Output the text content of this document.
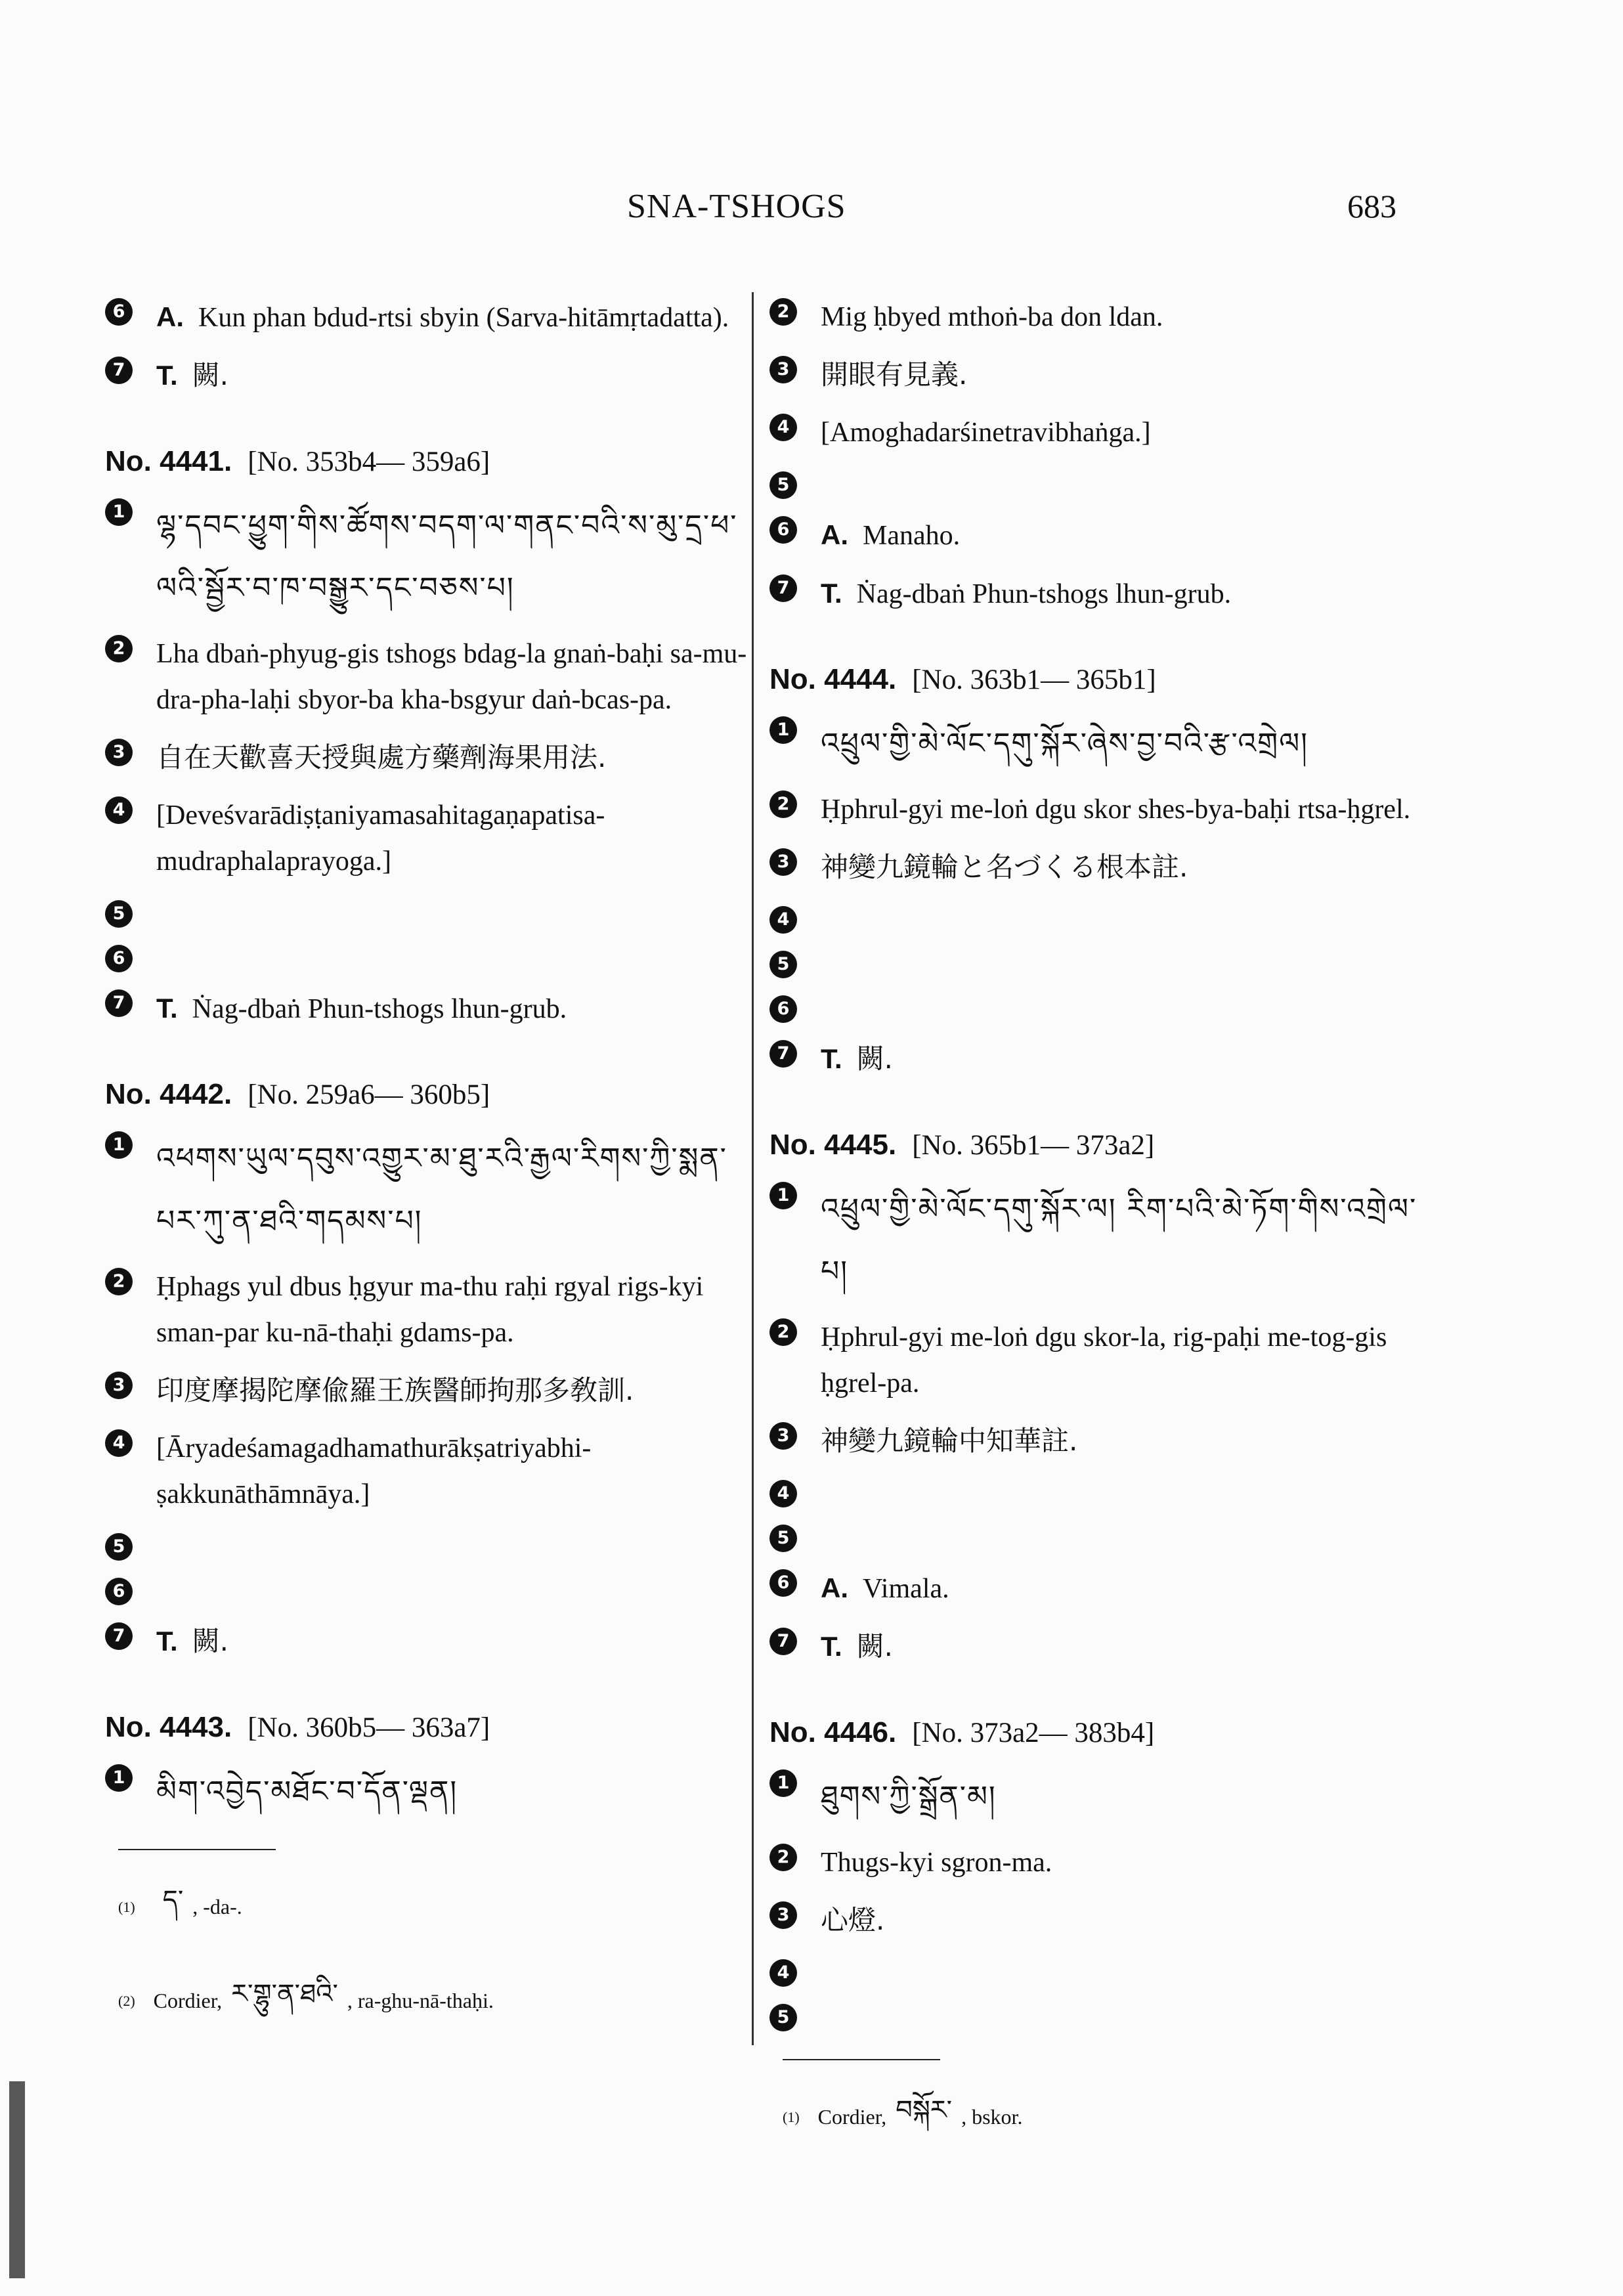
SNA-TSHOGS	683
6 A. Kun phan bdud-rtsi sbyin (Sarva-hitāmṛtadatta).
7 T. 闕.
No. 4441. [No. 353b4— 359a6]
1 ལྷ་དབང་ཕྱུག་གིས་ཚོགས་བདག་ལ་གནང་བའི་ས་མུ་དྲ་ཕ་ལའི་སྦྱོར་བ་ཁ་བསྒྱུར་དང་བཅས་པ།
2 Lha dbaṅ-phyug-gis tshogs bdag-la gnaṅ-baḥi sa-mu-dra-pha-laḥi sbyor-ba kha-bsgyur daṅ-bcas-pa.
3 自在天歡喜天授與處方藥劑海果用法.
4 [Deveśvarādiṣṭaniyamasahitagaṇapatisa-mudraphalaprayoga.]
5
6
7 T. Ṅag-dbaṅ Phun-tshogs lhun-grub.
No. 4442. [No. 259a6— 360b5]
1 འཕགས་ཡུལ་དབུས་འགྱུར་མ་ཐུ་རའི་རྒྱལ་རིགས་ཀྱི་སྨན་པར་ཀུ་ན་ཐའི་གདམས་པ།
2 Ḥphags yul dbus ḥgyur ma-thu raḥi rgyal rigs-kyi sman-par ku-nā-thaḥi gdams-pa.
3 印度摩揭陀摩偸羅王族醫師拘那多敎訓.
4 [Āryadeśamagadhamathurākṣatriyabhi-ṣakkunāthāmnāya.]
5
6
7 T. 闕.
No. 4443. [No. 360b5— 363a7]
1 མིག་འབྱེད་མཐོང་བ་དོན་ལྡན།
(1) ད་ , -da-.
(2) Cordier, ར་གྷུ་ན་ཐའི་ , ra-ghu-nā-thaḥi.
2 Mig ḥbyed mthoṅ-ba don ldan.
3 開眼有見義.
4 [Amoghadarśinetravibhaṅga.]
5
6 A. Manaho.
7 T. Ṅag-dbaṅ Phun-tshogs lhun-grub.
No. 4444. [No. 363b1— 365b1]
1 འཕྲུལ་གྱི་མེ་ལོང་དགུ་སྐོར་ཞེས་བྱ་བའི་རྩ་འགྲེལ།
2 Ḥphrul-gyi me-loṅ dgu skor shes-bya-baḥi rtsa-ḥgrel.
3 神變九鏡輪と名づくる根本註.
4
5
6
7 T. 闕.
No. 4445. [No. 365b1— 373a2]
1 འཕྲུལ་གྱི་མེ་ལོང་དགུ་སྐོར་ལ། རིག་པའི་མེ་ཏོག་གིས་འགྲེལ་པ།
2 Ḥphrul-gyi me-loṅ dgu skor-la, rig-paḥi me-tog-gis ḥgrel-pa.
3 神變九鏡輪中知華註.
4
5
6 A. Vimala.
7 T. 闕.
No. 4446. [No. 373a2— 383b4]
1 ཐུགས་ཀྱི་སྒྲོན་མ།
2 Thugs-kyi sgron-ma.
3 心燈.
4
5
(1) Cordier, བསྐོར་ , bskor.
